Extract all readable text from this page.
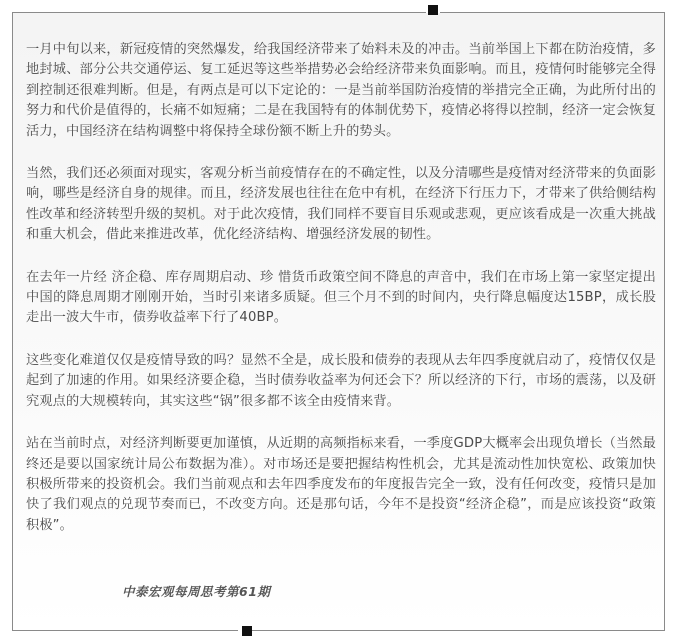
一月中旬以来，新冠疫情的突然爆发，给我国经济带来了始料未及的冲击。当前举国上下都在防治疫情，多地封城、部分公共交通停运、复工延迟等这些举措势必会给经济带来负面影响。而且，疫情何时能够完全得到控制还很难判断。但是，有两点是可以下定论的：一是当前举国防治疫情的举措完全正确，为此所付出的努力和代价是值得的，长痛不如短痛；二是在我国特有的体制优势下，疫情必将得以控制，经济一定会恢复活力，中国经济在结构调整中将保持全球份额不断上升的势头。

当然，我们还必须面对现实，客观分析当前疫情存在的不确定性，以及分清哪些是疫情对经济带来的负面影响，哪些是经济自身的规律。而且，经济发展也往往在危中有机，在经济下行压力下，才带来了供给侧结构性改革和经济转型升级的契机。对于此次疫情，我们同样不要盲目乐观或悲观，更应该看成是一次重大挑战和重大机会，借此来推进改革，优化经济结构、增强经济发展的韧性。

在去年一片经 济企稳、库存周期启动、珍 惜货币政策空间不降息的声音中，我们在市场上第一家坚定提出中国的降息周期才刚刚开始，当时引来诸多质疑。但三个月不到的时间内，央行降息幅度达15BP，成长股走出一波大牛市，债券收益率下行了40BP。

这些变化难道仅仅是疫情导致的吗？显然不全是，成长股和债券的表现从去年四季度就启动了，疫情仅仅是起到了加速的作用。如果经济要企稳，当时债券收益率为何还会下？所以经济的下行，市场的震荡，以及研究观点的大规模转向，其实这些“锅”很多都不该全由疫情来背。

站在当前时点，对经济判断要更加谨慎，从近期的高频指标来看，一季度GDP大概率会出现负增长（当然最终还是要以国家统计局公布数据为准）。对市场还是要把握结构性机会，尤其是流动性加快宽松、政策加快积极所带来的投资机会。我们当前观点和去年四季度发布的年度报告完全一致，没有任何改变，疫情只是加快了我们观点的兑现节奏而已，不改变方向。还是那句话，今年不是投资“经济企稳”，而是应该投资“政策积极”。

中泰宏观每周思考第61期
